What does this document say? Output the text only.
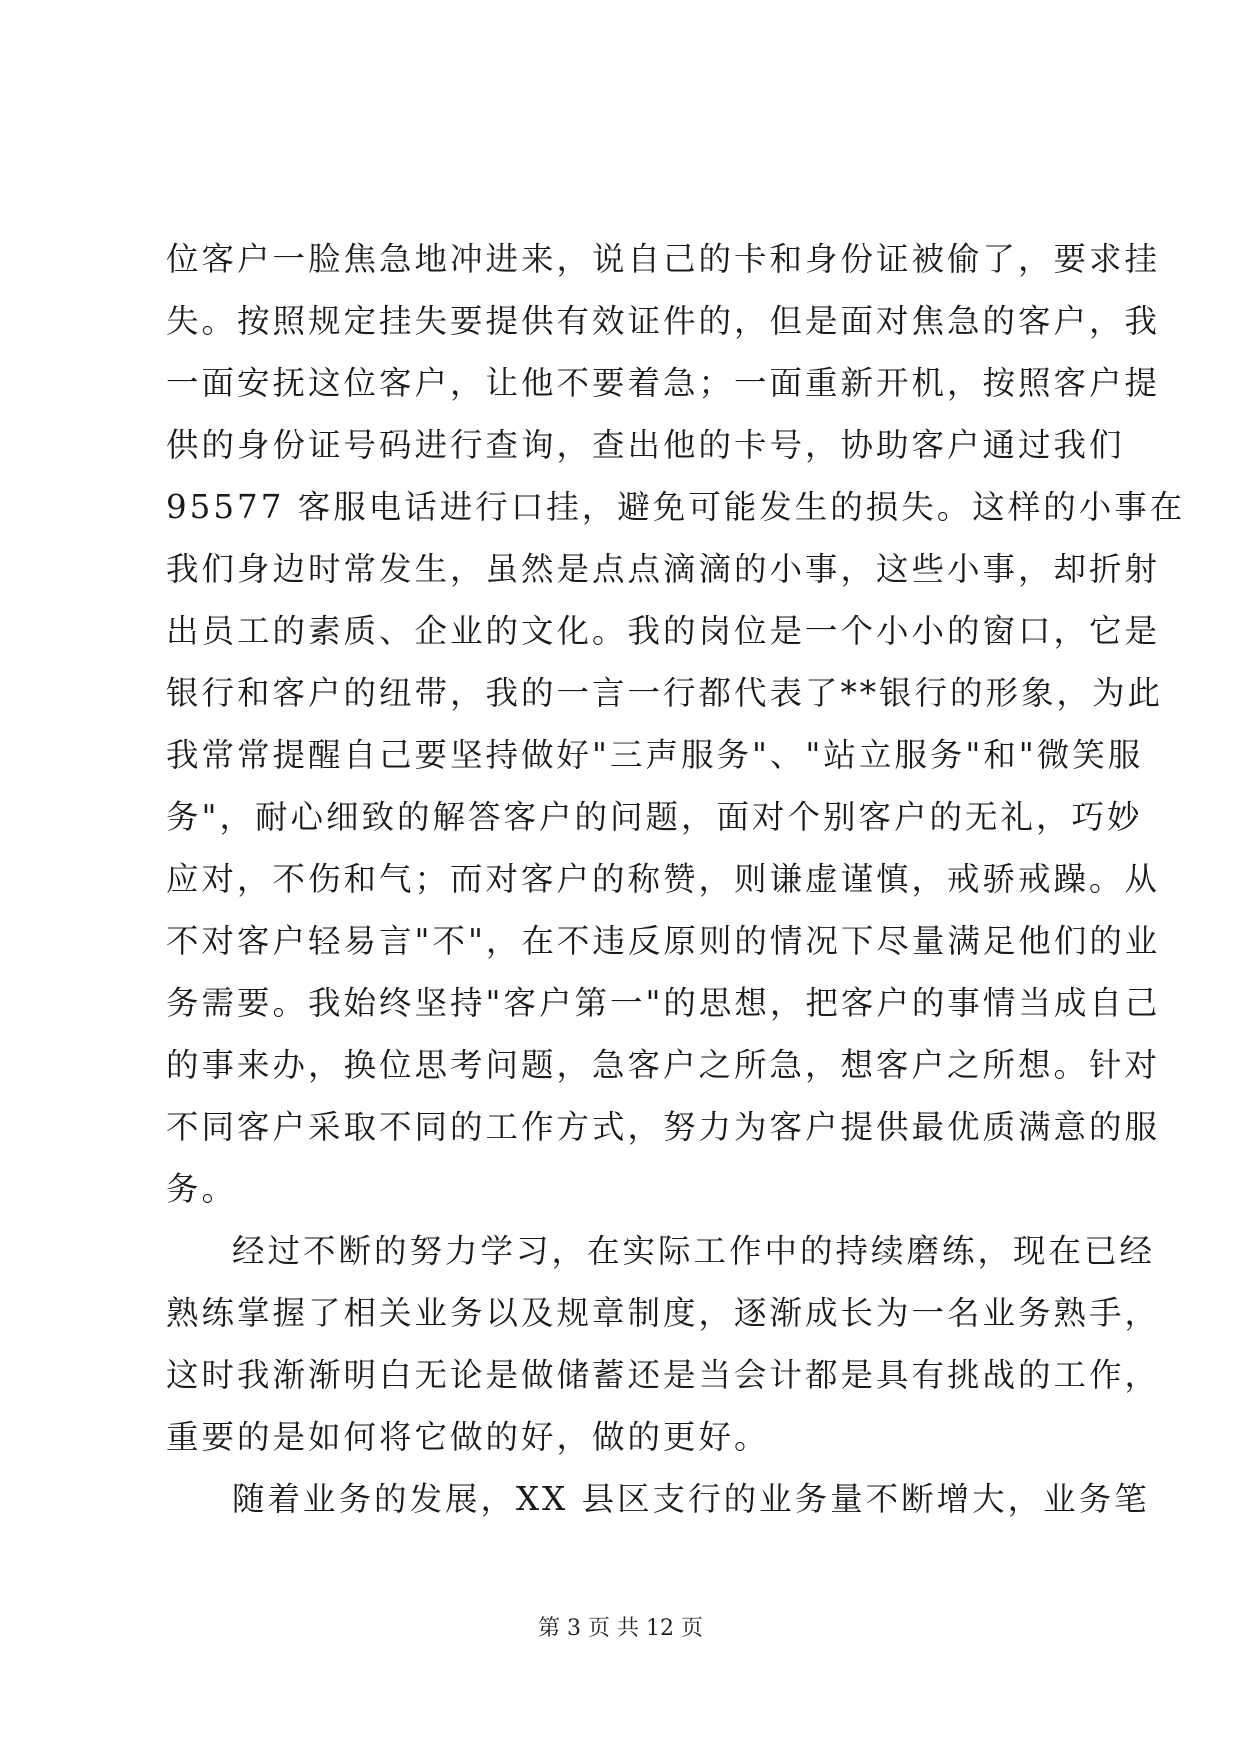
位客户一脸焦急地冲进来，说自己的卡和身份证被偷了，要求挂
失。按照规定挂失要提供有效证件的，但是面对焦急的客户，我
一面安抚这位客户，让他不要着急；一面重新开机，按照客户提
供的身份证号码进行查询，查出他的卡号，协助客户通过我们
95577 客服电话进行口挂，避免可能发生的损失。这样的小事在
我们身边时常发生，虽然是点点滴滴的小事，这些小事，却折射
出员工的素质、企业的文化。我的岗位是一个小小的窗口，它是
银行和客户的纽带，我的一言一行都代表了**银行的形象，为此
我常常提醒自己要坚持做好"三声服务"、"站立服务"和"微笑服
务"，耐心细致的解答客户的问题，面对个别客户的无礼，巧妙
应对，不伤和气；而对客户的称赞，则谦虚谨慎，戒骄戒躁。从
不对客户轻易言"不"，在不违反原则的情况下尽量满足他们的业
务需要。我始终坚持"客户第一"的思想，把客户的事情当成自己
的事来办，换位思考问题，急客户之所急，想客户之所想。针对
不同客户采取不同的工作方式，努力为客户提供最优质满意的服
务。
经过不断的努力学习，在实际工作中的持续磨练，现在已经
熟练掌握了相关业务以及规章制度，逐渐成长为一名业务熟手，
这时我渐渐明白无论是做储蓄还是当会计都是具有挑战的工作，
重要的是如何将它做的好，做的更好。
随着业务的发展，XX 县区支行的业务量不断增大，业务笔
第 3 页 共 12 页
